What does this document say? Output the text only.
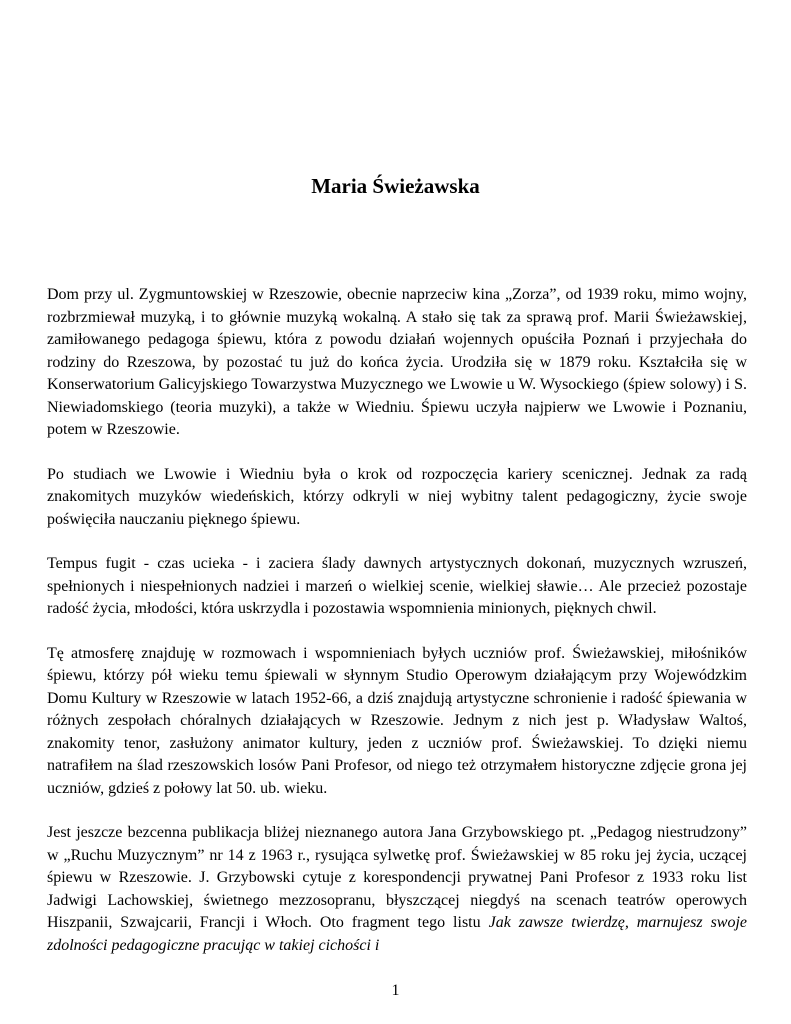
Maria Świeżawska

Dom przy ul. Zygmuntowskiej w Rzeszowie, obecnie naprzeciw kina „Zorza”, od 1939 roku, mimo wojny, rozbrzmiewał muzyką, i to głównie muzyką wokalną. A stało się tak za sprawą prof. Marii Świeżawskiej, zamiłowanego pedagoga śpiewu, która z powodu działań wojennych opuściła Poznań i przyjechała do rodziny do Rzeszowa, by pozostać tu już do końca życia. Urodziła się w 1879 roku. Kształciła się w Konserwatorium Galicyjskiego Towarzystwa Muzycznego we Lwowie u W. Wysockiego (śpiew solowy) i S. Niewiadomskiego (teoria muzyki), a także w Wiedniu. Śpiewu uczyła najpierw we Lwowie i Poznaniu, potem w Rzeszowie.

Po studiach we Lwowie i Wiedniu była o krok od rozpoczęcia kariery scenicznej. Jednak za radą znakomitych muzyków wiedeńskich, którzy odkryli w niej wybitny talent pedagogiczny, życie swoje poświęciła nauczaniu pięknego śpiewu.

Tempus fugit - czas ucieka - i zaciera ślady dawnych artystycznych dokonań, muzycznych wzruszeń, spełnionych i niespełnionych nadziei i marzeń o wielkiej scenie, wielkiej sławie… Ale przecież pozostaje radość życia, młodości, która uskrzydla i pozostawia wspomnienia minionych, pięknych chwil.

Tę atmosferę znajduję w rozmowach i wspomnieniach byłych uczniów prof. Świeżawskiej, miłośników śpiewu, którzy pół wieku temu śpiewali w słynnym Studio Operowym działającym przy Wojewódzkim Domu Kultury w Rzeszowie w latach 1952-66, a dziś znajdują artystyczne schronienie i radość śpiewania w różnych zespołach chóralnych działających w Rzeszowie. Jednym z nich jest p. Władysław Waltoś, znakomity tenor, zasłużony animator kultury, jeden z uczniów prof. Świeżawskiej. To dzięki niemu natrafiłem na ślad rzeszowskich losów Pani Profesor, od niego też otrzymałem historyczne zdjęcie grona jej uczniów, gdzieś z połowy lat 50. ub. wieku.

Jest jeszcze bezcenna publikacja bliżej nieznanego autora Jana Grzybowskiego pt. „Pedagog niestrudzony” w „Ruchu Muzycznym” nr 14 z 1963 r., rysująca sylwetkę prof. Świeżawskiej w 85 roku jej życia, uczącej śpiewu w Rzeszowie. J. Grzybowski cytuje z korespondencji prywatnej Pani Profesor z 1933 roku list Jadwigi Lachowskiej, świetnego mezzosopranu, błyszczącej niegdyś na scenach teatrów operowych Hiszpanii, Szwajcarii, Francji i Włoch. Oto fragment tego listu Jak zawsze twierdzę, marnujesz swoje zdolności pedagogiczne pracując w takiej cichości i

1
